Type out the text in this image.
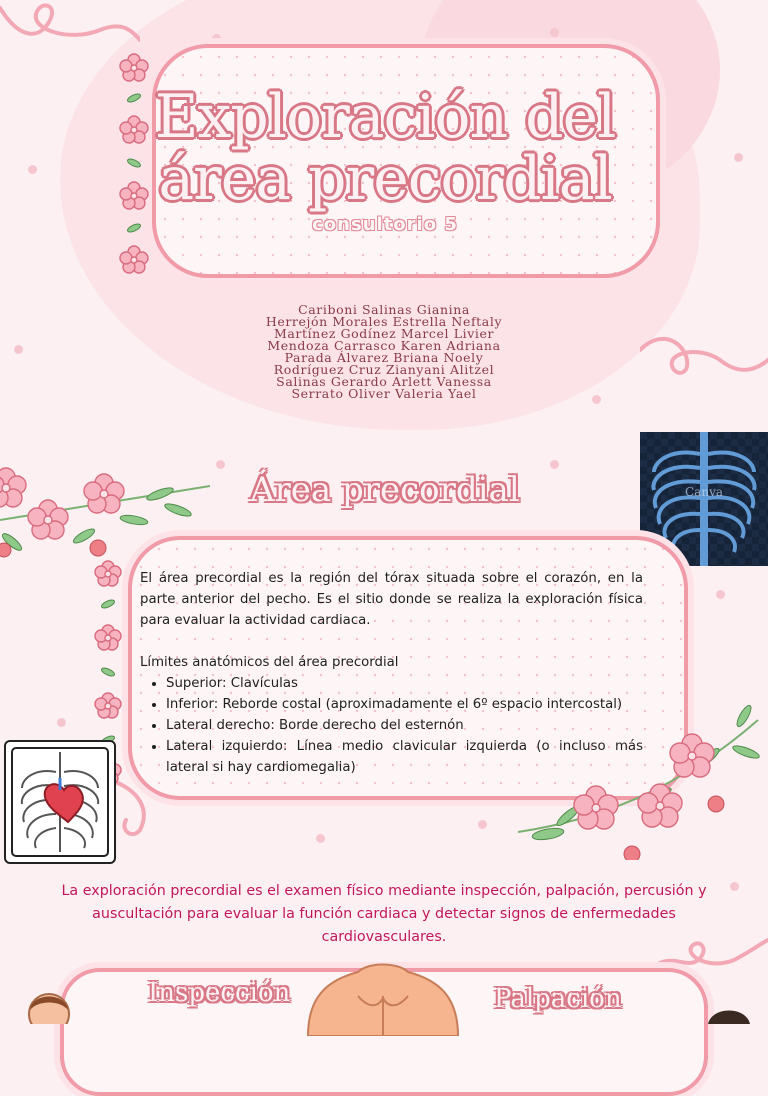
Exploración del
área precordial
consultorio 5
Cariboni Salinas Gianina
Herrejón Morales Estrella Neftaly
Martínez Godínez Marcel Livier
Mendoza Carrasco Karen Adriana
Parada Álvarez Briana Noely
Rodríguez Cruz Zianyani Alitzel
Salinas Gerardo Arlett Vanessa
Serrato Oliver Valeria Yael
Área precordial	Canva

El área precordial es la región del tórax situada sobre el corazón, en la parte anterior del pecho. Es el sitio donde se realiza la exploración física para evaluar la actividad cardiaca.

Límites anatómicos del área precordial
• Superior: Clavículas
• Inferior: Reborde costal (aproximadamente el 6º espacio intercostal)
• Lateral derecho: Borde derecho del esternón
• Lateral izquierdo: Línea medio clavicular izquierda (o incluso más lateral si hay cardiomegalia)
La exploración precordial es el examen físico mediante inspección, palpación, percusión y auscultación para evaluar la función cardiaca y detectar signos de enfermedades cardiovasculares.
Inspección	Palpación
